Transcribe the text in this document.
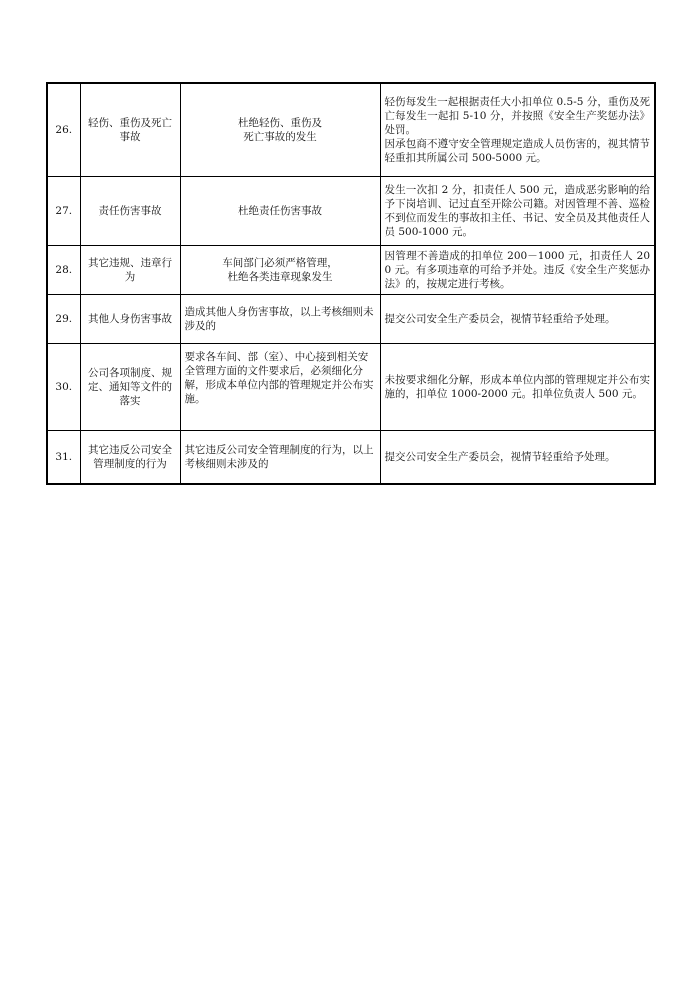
26.	轻伤、重伤及死亡事故	杜绝轻伤、重伤及
死亡事故的发生	轻伤每发生一起根据责任大小扣单位 0.5-5 分，重伤及死亡每发生一起扣 5-10 分，并按照《安全生产奖惩办法》处罚。
因承包商不遵守安全管理规定造成人员伤害的，视其情节轻重扣其所属公司 500-5000 元。

27.	责任伤害事故	杜绝责任伤害事故	发生一次扣 2 分，扣责任人 500 元，造成恶劣影响的给予下岗培训、记过直至开除公司籍。对因管理不善、巡检不到位而发生的事故扣主任、书记、安全员及其他责任人员 500-1000 元。

28.	其它违规、违章行为	车间部门必须严格管理，
杜绝各类违章现象发生	因管理不善造成的扣单位 200－1000 元，扣责任人 200 元。有多项违章的可给予并处。违反《安全生产奖惩办法》的，按规定进行考核。

29.	其他人身伤害事故	造成其他人身伤害事故，以上考核细则未涉及的	提交公司安全生产委员会，视情节轻重给予处理。

30.	公司各项制度、规定、通知等文件的落实	要求各车间、部（室）、中心接到相关安全管理方面的文件要求后，必须细化分解，形成本单位内部的管理规定并公布实施。	未按要求细化分解，形成本单位内部的管理规定并公布实施的，扣单位 1000-2000 元。扣单位负责人 500 元。

31.	其它违反公司安全管理制度的行为	其它违反公司安全管理制度的行为，以上考核细则未涉及的	提交公司安全生产委员会，视情节轻重给予处理。
